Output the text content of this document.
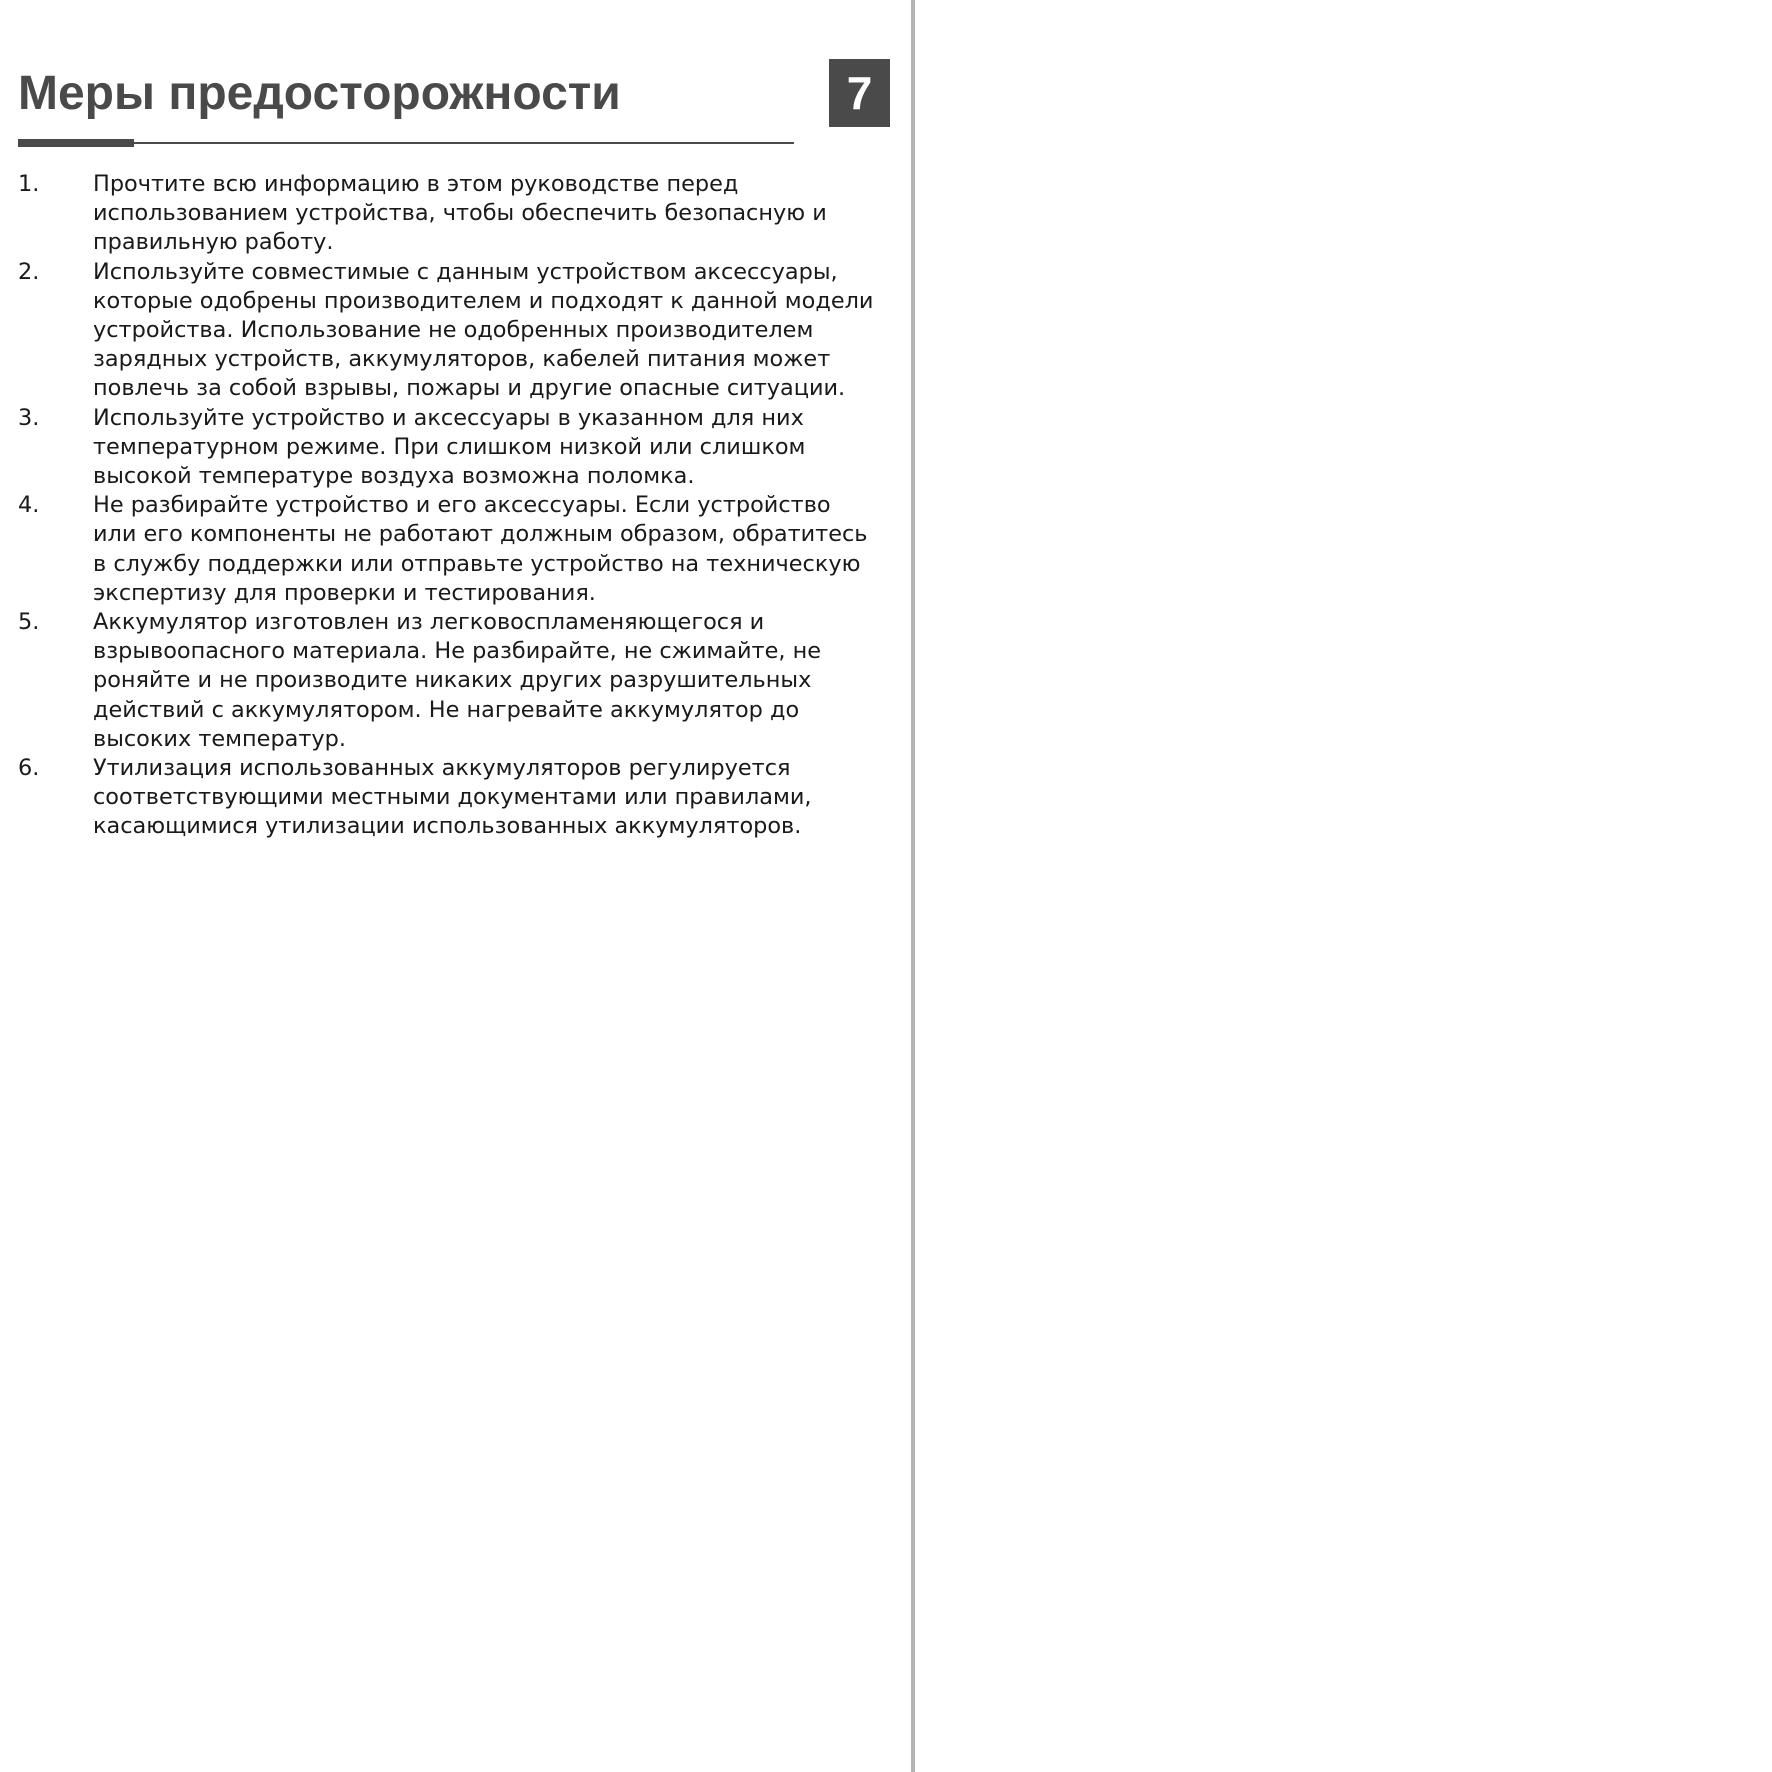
Меры предосторожности	7
1. Прочтите всю информацию в этом руководстве перед использованием устройства, чтобы обеспечить безопасную и правильную работу.
2. Используйте совместимые с данным устройством аксессуары, которые одобрены производителем и подходят к данной модели устройства. Использование не одобренных производителем зарядных устройств, аккумуляторов, кабелей питания может повлечь за собой взрывы, пожары и другие опасные ситуации.
3. Используйте устройство и аксессуары в указанном для них температурном режиме. При слишком низкой или слишком высокой температуре воздуха возможна поломка.
4. Не разбирайте устройство и его аксессуары. Если устройство или его компоненты не работают должным образом, обратитесь в службу поддержки или отправьте устройство на техническую экспертизу для проверки и тестирования.
5. Аккумулятор изготовлен из легковоспламеняющегося и взрывоопасного материала. Не разбирайте, не сжимайте, не роняйте и не производите никаких других разрушительных действий с аккумулятором. Не нагревайте аккумулятор до высоких температур.
6. Утилизация использованных аккумуляторов регулируется соответствующими местными документами или правилами, касающимися утилизации использованных аккумуляторов.
